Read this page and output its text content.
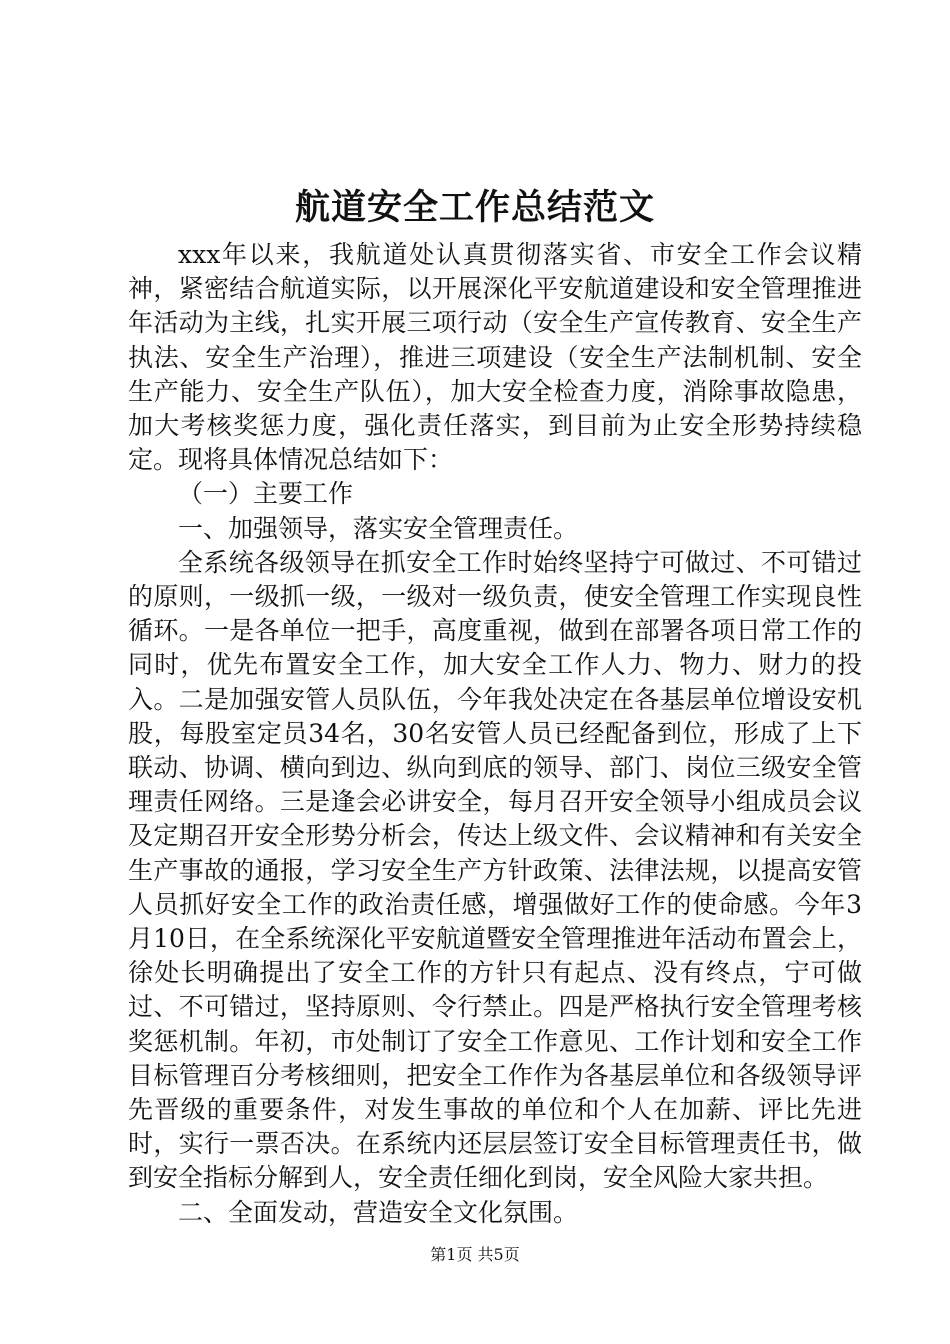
航道安全工作总结范文

xxx年以来，我航道处认真贯彻落实省、市安全工作会议精神，紧密结合航道实际，以开展深化平安航道建设和安全管理推进年活动为主线，扎实开展三项行动（安全生产宣传教育、安全生产执法、安全生产治理），推进三项建设（安全生产法制机制、安全生产能力、安全生产队伍），加大安全检查力度，消除事故隐患，加大考核奖惩力度，强化责任落实，到目前为止安全形势持续稳定。现将具体情况总结如下：

（一）主要工作

一、加强领导，落实安全管理责任。

全系统各级领导在抓安全工作时始终坚持宁可做过、不可错过的原则，一级抓一级，一级对一级负责，使安全管理工作实现良性循环。一是各单位一把手，高度重视，做到在部署各项日常工作的同时，优先布置安全工作，加大安全工作人力、物力、财力的投入。二是加强安管人员队伍，今年我处决定在各基层单位增设安机股，每股室定员34名，30名安管人员已经配备到位，形成了上下联动、协调、横向到边、纵向到底的领导、部门、岗位三级安全管理责任网络。三是逢会必讲安全，每月召开安全领导小组成员会议及定期召开安全形势分析会，传达上级文件、会议精神和有关安全生产事故的通报，学习安全生产方针政策、法律法规，以提高安管人员抓好安全工作的政治责任感，增强做好工作的使命感。今年3月10日，在全系统深化平安航道暨安全管理推进年活动布置会上，徐处长明确提出了安全工作的方针只有起点、没有终点，宁可做过、不可错过，坚持原则、令行禁止。四是严格执行安全管理考核奖惩机制。年初，市处制订了安全工作意见、工作计划和安全工作目标管理百分考核细则，把安全工作作为各基层单位和各级领导评先晋级的重要条件，对发生事故的单位和个人在加薪、评比先进时，实行一票否决。在系统内还层层签订安全目标管理责任书，做到安全指标分解到人，安全责任细化到岗，安全风险大家共担。

二、全面发动，营造安全文化氛围。

第1页 共5页
